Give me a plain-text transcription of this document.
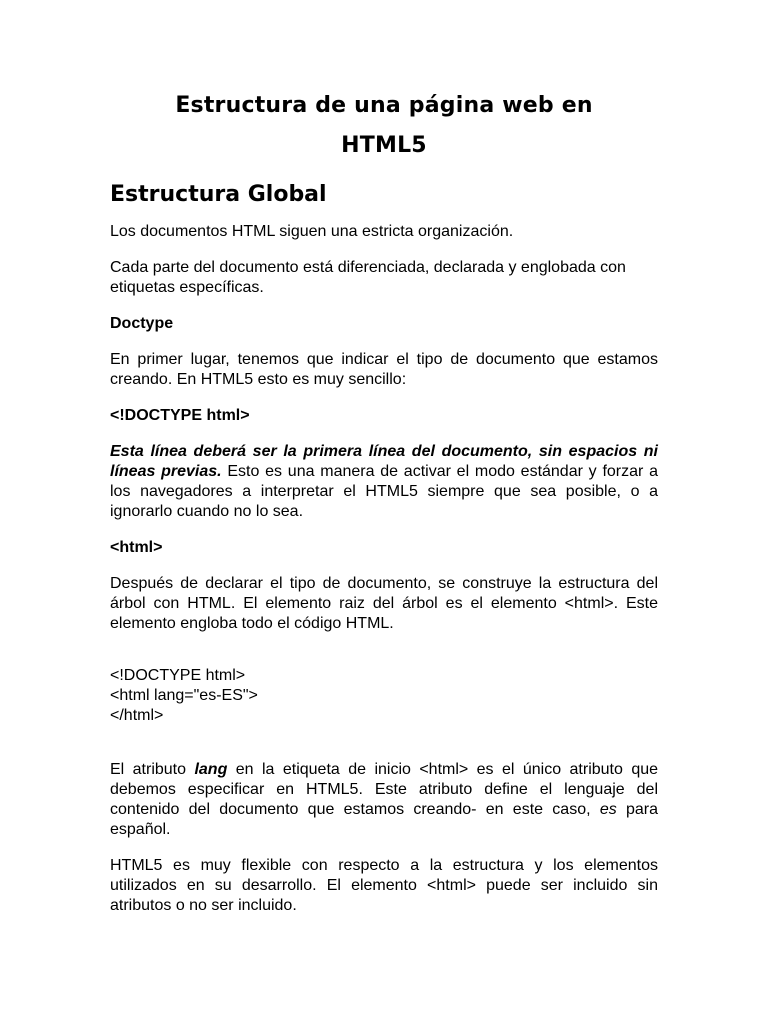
Estructura de una página web en
HTML5
Estructura Global

Los documentos HTML siguen una estricta organización.

Cada parte del documento está diferenciada, declarada y englobada con etiquetas específicas.

Doctype

En primer lugar, tenemos que indicar el tipo de documento que estamos creando. En HTML5 esto es muy sencillo:

<!DOCTYPE html>

Esta línea deberá ser la primera línea del documento, sin espacios ni líneas previas. Esto es una manera de activar el modo estándar y forzar a los navegadores a interpretar el HTML5 siempre que sea posible, o a ignorarlo cuando no lo sea.

<html>

Después de declarar el tipo de documento, se construye la estructura del árbol con HTML. El elemento raiz del árbol es el elemento <html>. Este elemento engloba todo el código HTML.

<!DOCTYPE html>
<html lang="es-ES">
</html>

El atributo lang en la etiqueta de inicio <html> es el único atributo que debemos especificar en HTML5. Este atributo define el lenguaje del contenido del documento que estamos creando- en este caso, es para español.

HTML5 es muy flexible con respecto a la estructura y los elementos utilizados en su desarrollo. El elemento <html> puede ser incluido sin atributos o no ser incluido.
